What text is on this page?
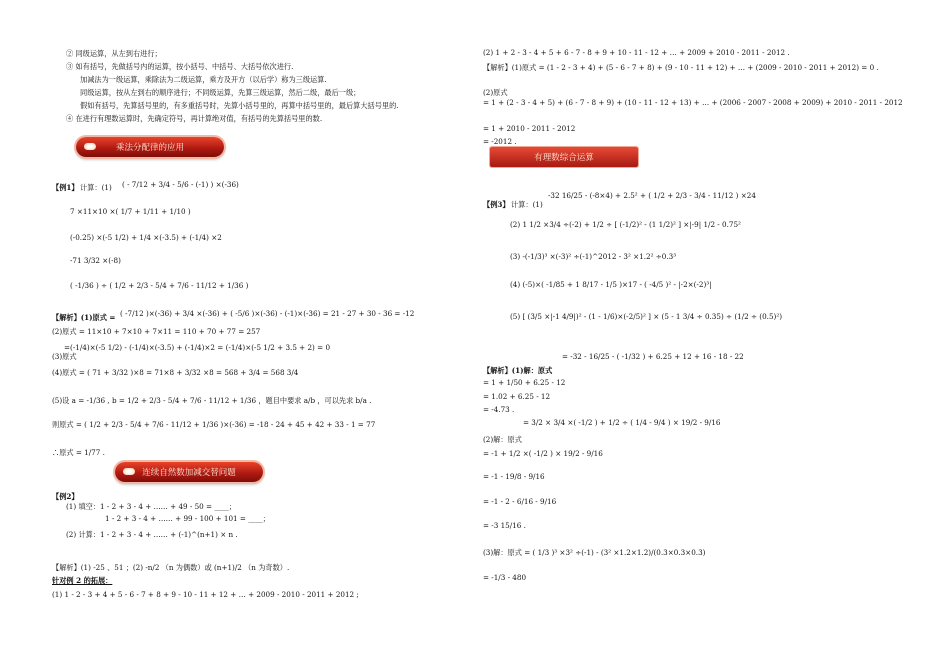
② 同级运算，从左到右进行；
③ 如有括号，先做括号内的运算，按小括号、中括号、大括号依次进行.
加减法为一级运算，乘除法为二级运算，乘方及开方（以后学）称为三级运算.
同级运算，按从左到右的顺序进行；不同级运算，先算三级运算，然后二级，最后一级；
假如有括号，先算括号里的，有多重括号时，先算小括号里的，再算中括号里的，最后算大括号里的.
④ 在进行有理数运算时，先确定符号，再计算绝对值，有括号的先算括号里的数.
乘法分配律的应用
【例1】 计算：(1) ( - 7/12 + 3/4 - 5/6 - (-1) ) ×(-36)
7 ×11×10 ×( 1/7 + 1/11 + 1/10 )
(-0.25) ×(-5 1/2) + 1/4 ×(-3.5) + (-1/4) ×2
-71 3/32 ×(-8)
( -1/36 ) ÷ ( 1/2 + 2/3 - 5/4 + 7/6 - 11/12 + 1/36 )
【解析】(1)原式 = ( -7/12 )×(-36) + 3/4 ×(-36) + ( -5/6 )×(-36) - (-1)×(-36) = 21 - 27 + 30 - 36 = -12
(2)原式 = 11×10 + 7×10 + 7×11 = 110 + 70 + 77 = 257
(3)原式
=(-1/4)×(-5 1/2) - (-1/4)×(-3.5) + (-1/4)×2 = (-1/4)×(-5 1/2 + 3.5 + 2) = 0
(4)原式 = ( 71 + 3/32 )×8 = 71×8 + 3/32 ×8 = 568 + 3/4 = 568 3/4
(5)设 a = -1/36 , b = 1/2 + 2/3 - 5/4 + 7/6 - 11/12 + 1/36 ，题目中要求 a/b ，可以先求 b/a .
则原式 = ( 1/2 + 2/3 - 5/4 + 7/6 - 11/12 + 1/36 )×(-36) = -18 - 24 + 45 + 42 + 33 - 1 = 77
∴原式 = 1/77 .
连续自然数加减交替问题
【例2】
(1) 填空：1 - 2 + 3 - 4 + …… + 49 - 50 = ____；
1 - 2 + 3 - 4 + …… + 99 - 100 + 101 = ____；
(2) 计算：1 - 2 + 3 - 4 + …… + (-1)^(n+1) × n .
【解析】(1) -25 、51 ；(2) -n/2 （n 为偶数）或 (n+1)/2 （n 为奇数）.
针对例 2 的拓展：
(1) 1 - 2 - 3 + 4 + 5 - 6 - 7 + 8 + 9 - 10 - 11 + 12 + … + 2009 - 2010 - 2011 + 2012 ;
(2) 1 + 2 - 3 - 4 + 5 + 6 - 7 - 8 + 9 + 10 - 11 - 12 + … + 2009 + 2010 - 2011 - 2012 .
【解析】(1)原式 = (1 - 2 - 3 + 4) + (5 - 6 - 7 + 8) + (9 - 10 - 11 + 12) + … + (2009 - 2010 - 2011 + 2012) = 0 .
(2)原式
= 1 + (2 - 3 - 4 + 5) + (6 - 7 - 8 + 9) + (10 - 11 - 12 + 13) + … + (2006 - 2007 - 2008 + 2009) + 2010 - 2011 - 2012
= 1 + 2010 - 2011 - 2012
= -2012 .
有理数综合运算
【例3】 计算：(1)
-32 16/25 - (-8×4) + 2.5² + ( 1/2 + 2/3 - 3/4 - 11/12 ) ×24
(2) 1 1/2 ×3/4 ÷(-2) + 1/2 ÷ [ (-1/2)² - (1 1/2)² ] ×|-9| 1/2 - 0.75²
(3) -(-1/3)³ ×(-3)² ÷(-1)^2012 - 3² ×1.2² ÷0.3³
(4) (-5)×( -1/85 + 1 8/17 - 1/5 )×17 - ( -4/5 )² - |-2×(-2)³|
(5) [ (3/5 ×|-1 4/9|)² - (1 - 1/6)×(-2/5)² ] × (5 - 1 3/4 ÷ 0.35) ÷ (1/2 ÷ (0.5)²)
= -32 - 16/25 - ( -1/32 ) + 6.25 + 12 + 16 - 18 - 22
【解析】(1)解：原式
= 1 + 1/50 + 6.25 - 12
= 1.02 + 6.25 - 12
= -4.73 .
= 3/2 × 3/4 ×( -1/2 ) + 1/2 ÷ ( 1/4 - 9/4 ) × 19/2 - 9/16
(2)解：原式
= -1 + 1/2 ×( -1/2 ) × 19/2 - 9/16
= -1 - 19/8 - 9/16
= -1 - 2 - 6/16 - 9/16
= -3 15/16 .
(3)解：原式 = ( 1/3 )³ ×3² ÷(-1) - (3² ×1.2×1.2)/(0.3×0.3×0.3)
= -1/3 - 480
